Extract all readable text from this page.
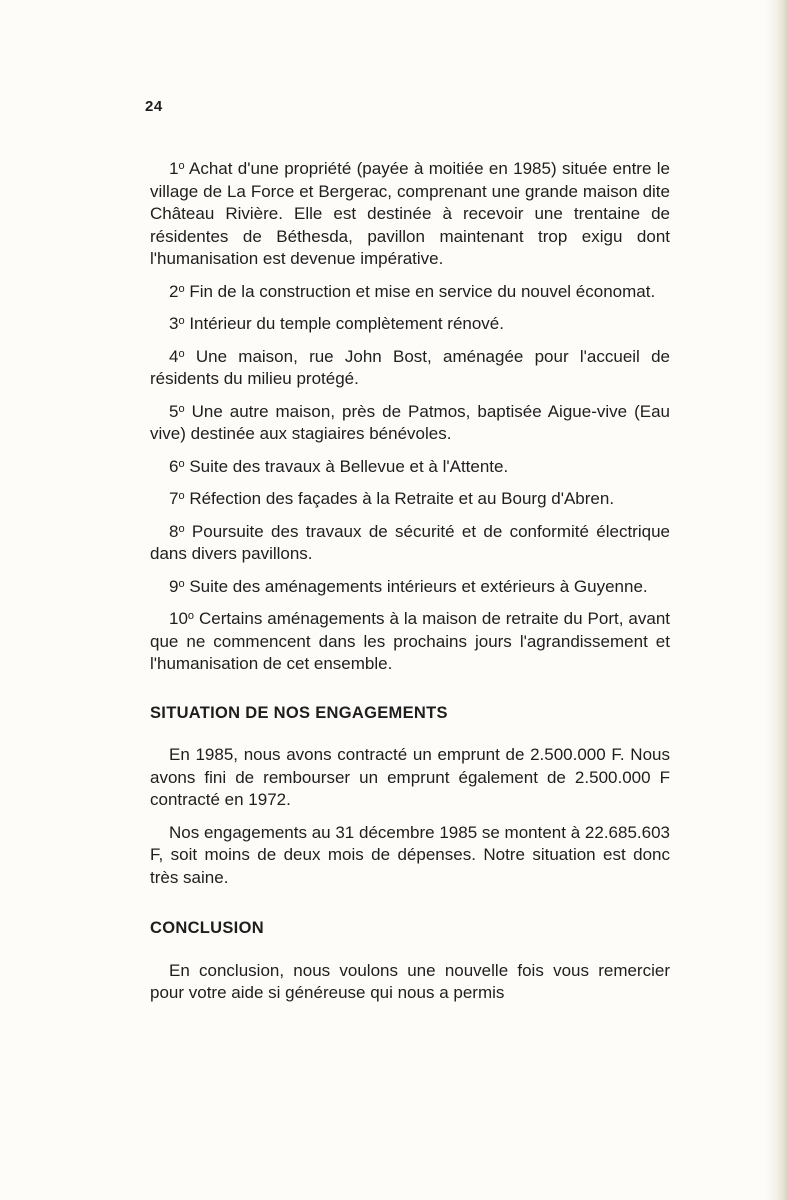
24

1$^o$ Achat d'une propriété (payée à moitiée en 1985) située entre le village de La Force et Bergerac, comprenant une grande maison dite Château Rivière. Elle est destinée à recevoir une trentaine de résidentes de Béthesda, pavillon maintenant trop exigu dont l'humanisation est devenue impérative.

2$^o$ Fin de la construction et mise en service du nouvel économat.

3$^o$ Intérieur du temple complètement rénové.

4$^o$ Une maison, rue John Bost, aménagée pour l'accueil de résidents du milieu protégé.

5$^o$ Une autre maison, près de Patmos, baptisée Aigue-vive (Eau vive) destinée aux stagiaires bénévoles.

6$^o$ Suite des travaux à Bellevue et à l'Attente.

7$^o$ Réfection des façades à la Retraite et au Bourg d'Abren.

8$^o$ Poursuite des travaux de sécurité et de conformité électrique dans divers pavillons.

9$^o$ Suite des aménagements intérieurs et extérieurs à Guyenne.

10$^o$ Certains aménagements à la maison de retraite du Port, avant que ne commencent dans les prochains jours l'agrandissement et l'humanisation de cet ensemble.

SITUATION DE NOS ENGAGEMENTS

En 1985, nous avons contracté un emprunt de 2.500.000 F. Nous avons fini de rembourser un emprunt également de 2.500.000 F contracté en 1972.

Nos engagements au 31 décembre 1985 se montent à 22.685.603 F, soit moins de deux mois de dépenses. Notre situation est donc très saine.

CONCLUSION

En conclusion, nous voulons une nouvelle fois vous remercier pour votre aide si généreuse qui nous a permis
